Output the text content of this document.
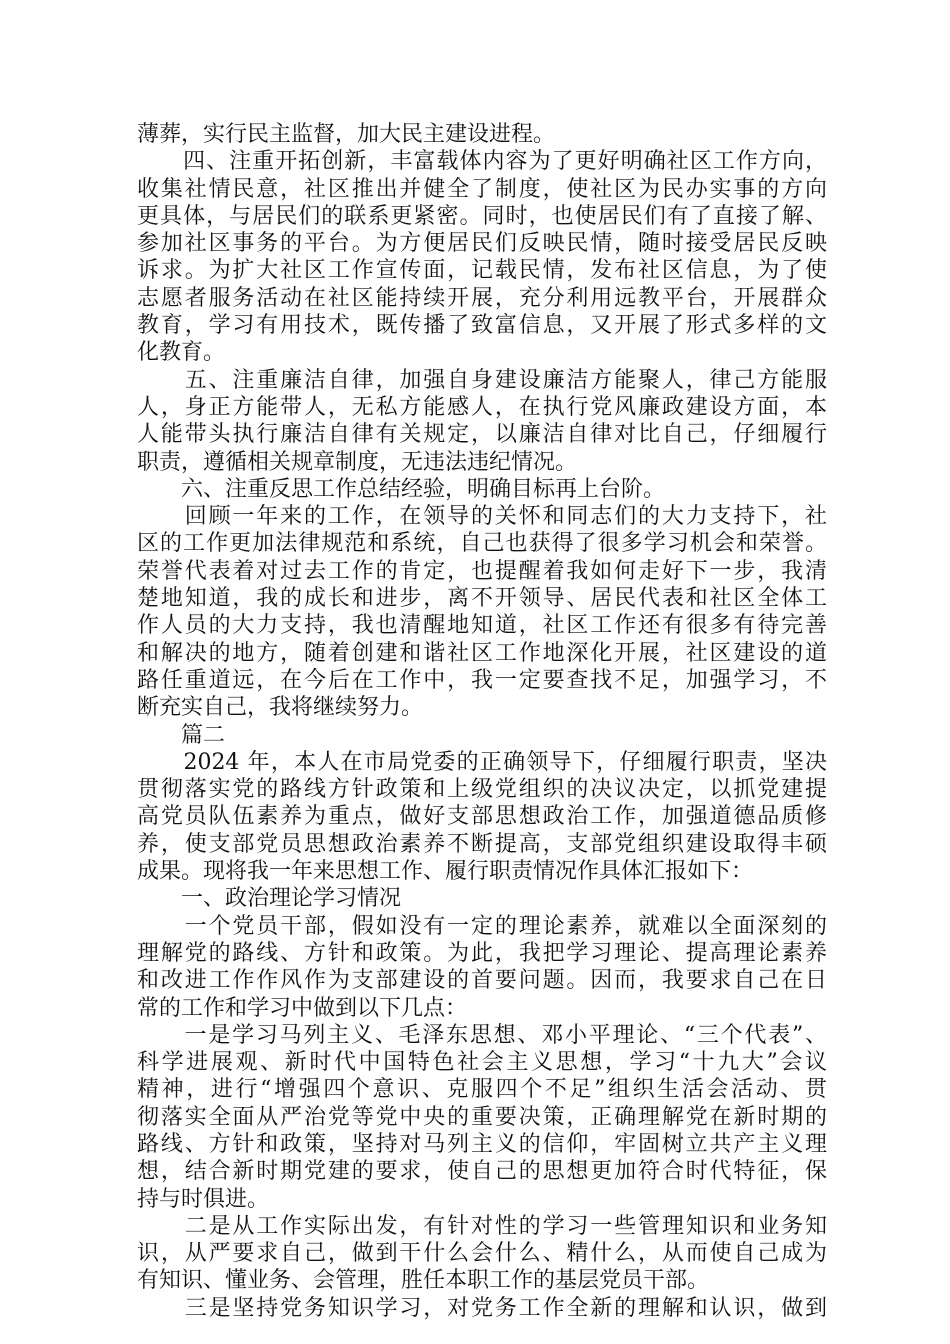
薄葬，实行民主监督，加大民主建设进程。
　　四、注重开拓创新，丰富载体内容为了更好明确社区工作方向，
收集社情民意，社区推出并健全了制度，使社区为民办实事的方向
更具体，与居民们的联系更紧密。同时，也使居民们有了直接了解、
参加社区事务的平台。为方便居民们反映民情，随时接受居民反映
诉求。为扩大社区工作宣传面，记载民情，发布社区信息，为了使
志愿者服务活动在社区能持续开展，充分利用远教平台，开展群众
教育，学习有用技术，既传播了致富信息，又开展了形式多样的文
化教育。
　　五、注重廉洁自律，加强自身建设廉洁方能聚人，律己方能服
人，身正方能带人，无私方能感人，在执行党风廉政建设方面，本
人能带头执行廉洁自律有关规定，以廉洁自律对比自己，仔细履行
职责，遵循相关规章制度，无违法违纪情况。
　　六、注重反思工作总结经验，明确目标再上台阶。
　　回顾一年来的工作，在领导的关怀和同志们的大力支持下，社
区的工作更加法律规范和系统，自己也获得了很多学习机会和荣誉。
荣誉代表着对过去工作的肯定，也提醒着我如何走好下一步，我清
楚地知道，我的成长和进步，离不开领导、居民代表和社区全体工
作人员的大力支持，我也清醒地知道，社区工作还有很多有待完善
和解决的地方，随着创建和谐社区工作地深化开展，社区建设的道
路任重道远，在今后在工作中，我一定要查找不足，加强学习，不
断充实自己，我将继续努力。
　　篇二
　　2024 年，本人在市局党委的正确领导下，仔细履行职责，坚决
贯彻落实党的路线方针政策和上级党组织的决议决定，以抓党建提
高党员队伍素养为重点，做好支部思想政治工作，加强道德品质修
养，使支部党员思想政治素养不断提高，支部党组织建设取得丰硕
成果。现将我一年来思想工作、履行职责情况作具体汇报如下：
　　一、政治理论学习情况
　　一个党员干部，假如没有一定的理论素养，就难以全面深刻的
理解党的路线、方针和政策。为此，我把学习理论、提高理论素养
和改进工作作风作为支部建设的首要问题。因而，我要求自己在日
常的工作和学习中做到以下几点：
　　一是学习马列主义、毛泽东思想、邓小平理论、“三个代表”、
科学进展观、新时代中国特色社会主义思想，学习“十九大”会议
精神，进行“增强四个意识、克服四个不足”组织生活会活动、贯
彻落实全面从严治党等党中央的重要决策，正确理解党在新时期的
路线、方针和政策，坚持对马列主义的信仰，牢固树立共产主义理
想，结合新时期党建的要求，使自己的思想更加符合时代特征，保
持与时俱进。
　　二是从工作实际出发，有针对性的学习一些管理知识和业务知
识，从严要求自己，做到干什么会什么、精什么，从而使自己成为
有知识、懂业务、会管理，胜任本职工作的基层党员干部。
　　三是坚持党务知识学习，对党务工作全新的理解和认识，做到
